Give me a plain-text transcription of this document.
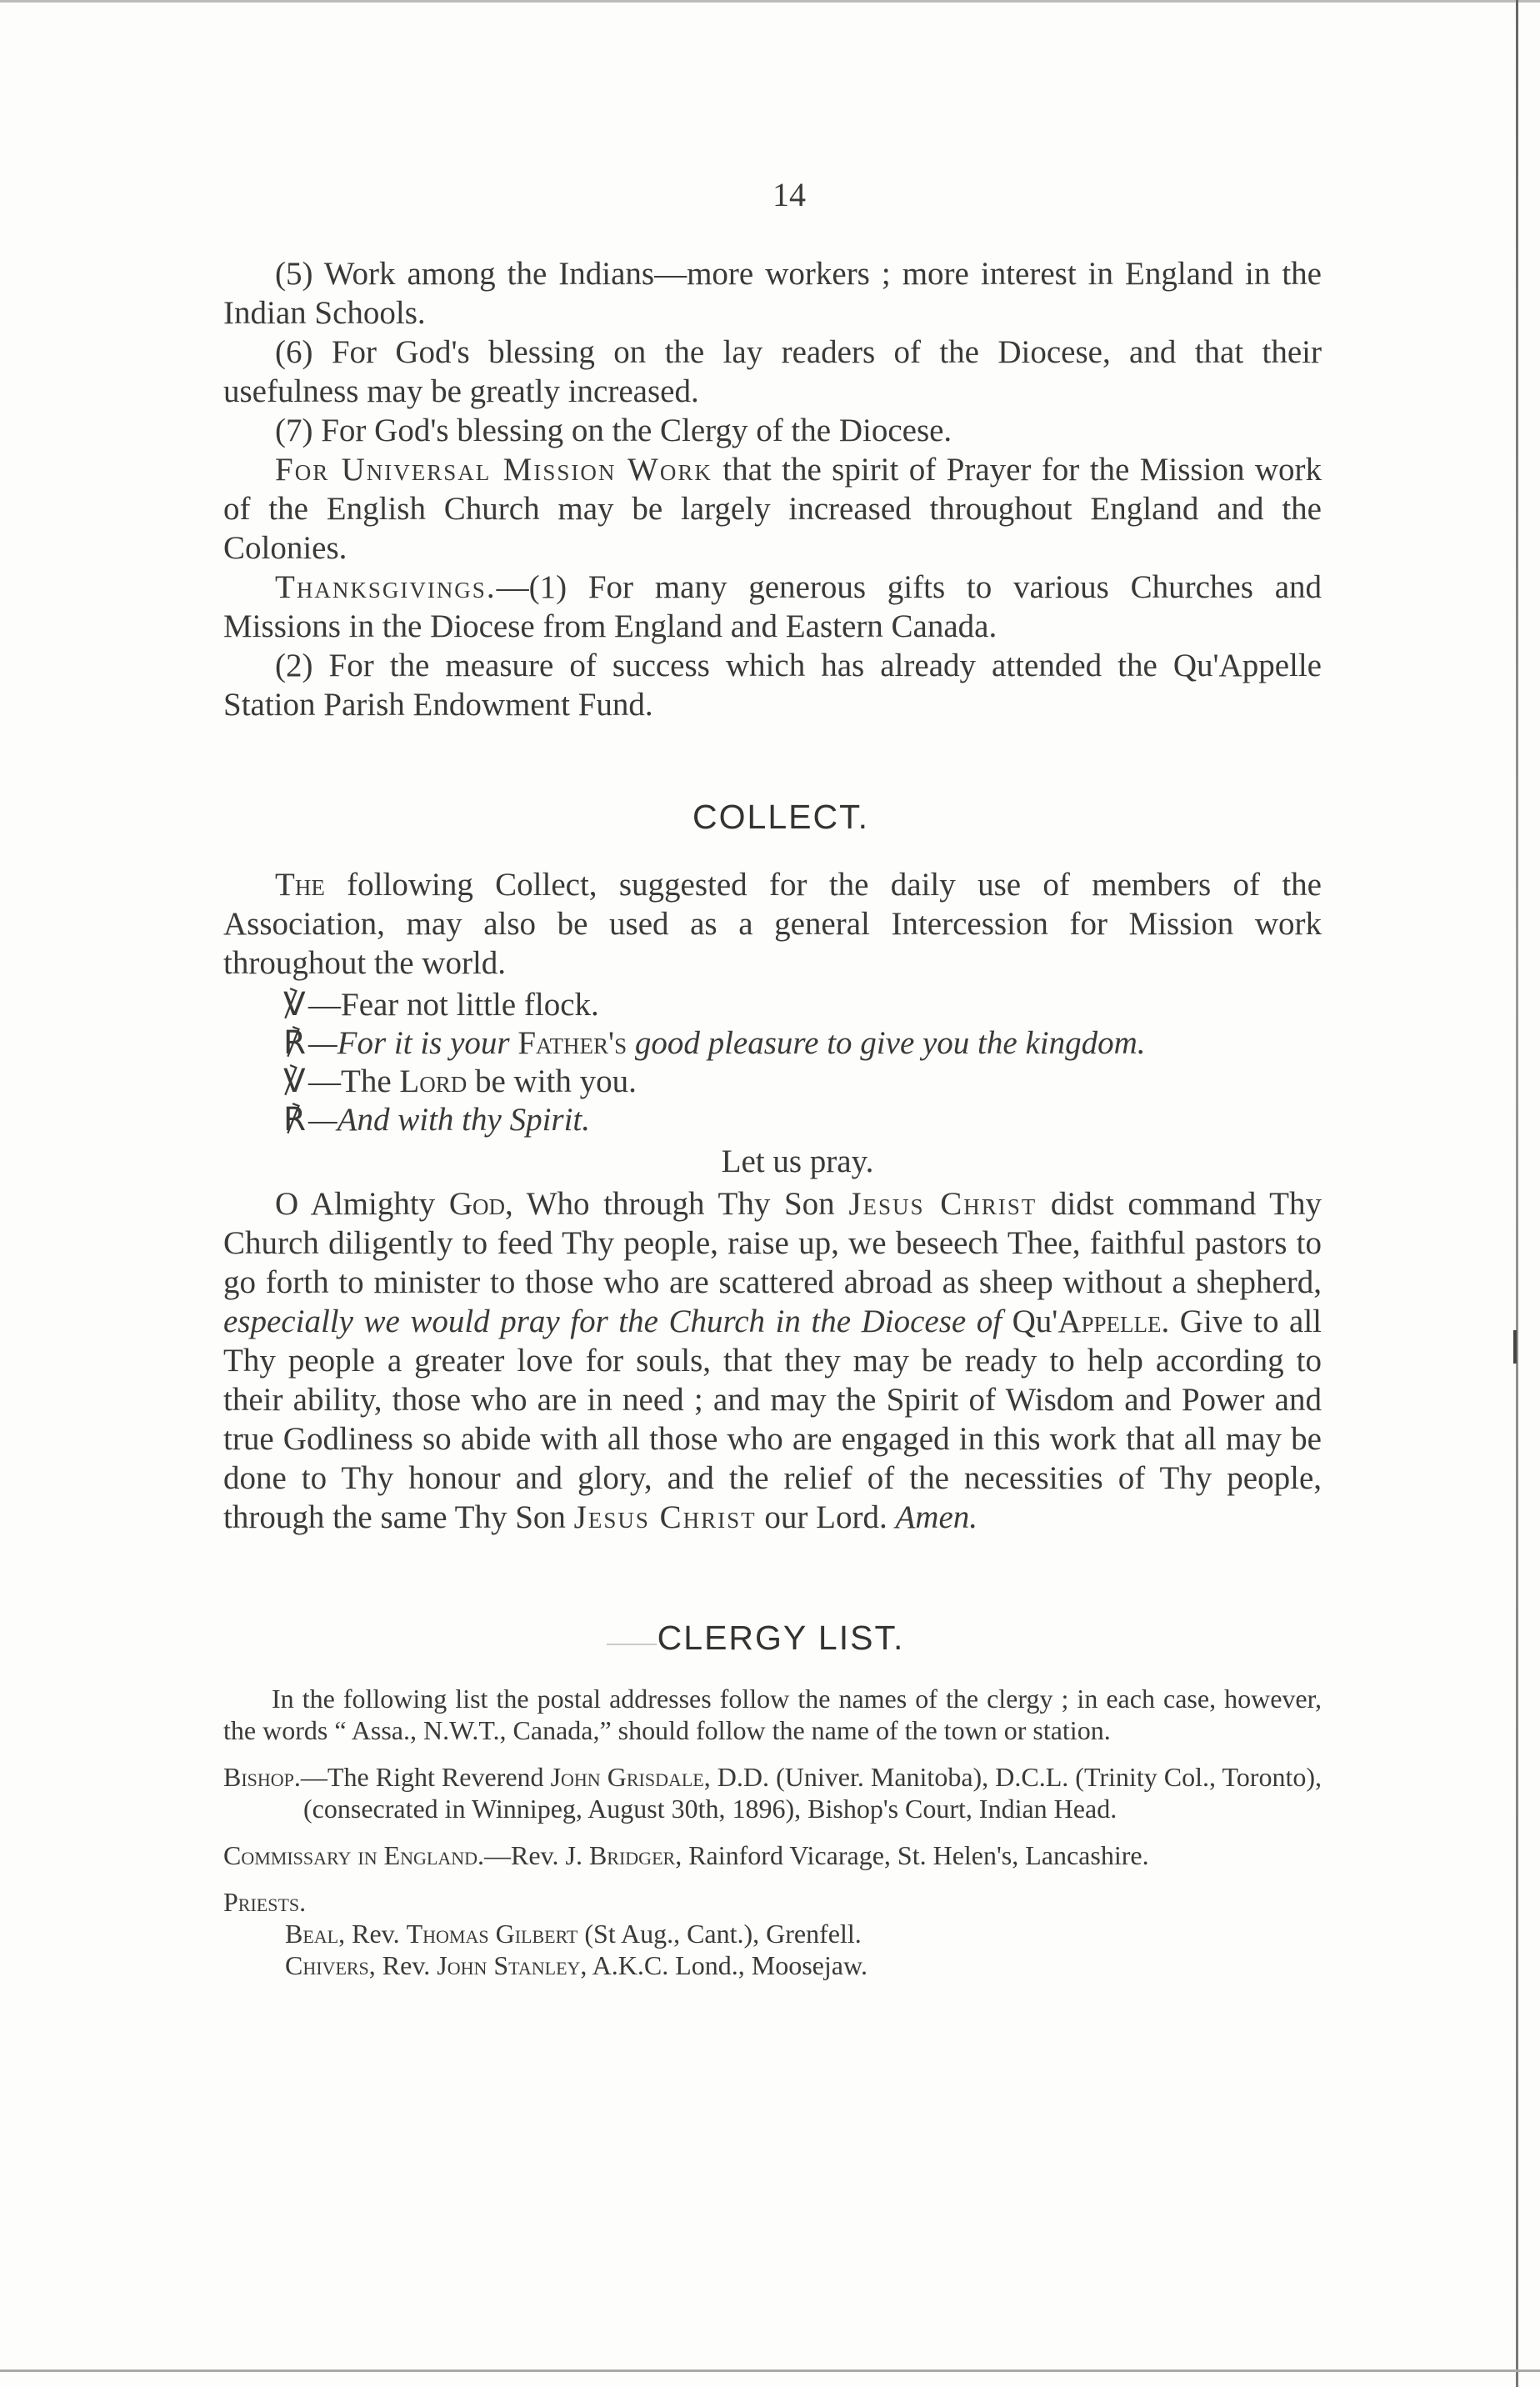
14

(5) Work among the Indians—more workers ; more interest in England in the Indian Schools.

(6) For God's blessing on the lay readers of the Diocese, and that their usefulness may be greatly increased.

(7) For God's blessing on the Clergy of the Diocese.

For Universal Mission Work that the spirit of Prayer for the Mission work of the English Church may be largely increased throughout England and the Colonies.

Thanksgivings.—(1) For many generous gifts to various Churches and Missions in the Diocese from England and Eastern Canada.

(2) For the measure of success which has already attended the Qu'Appelle Station Parish Endowment Fund.

COLLECT.

The following Collect, suggested for the daily use of members of the Association, may also be used as a general Intercession for Mission work throughout the world.

℣—Fear not little flock.
℟—For it is your Father's good pleasure to give you the kingdom.
℣—The Lord be with you.
℟—And with thy Spirit.
Let us pray.

O Almighty God, Who through Thy Son Jesus Christ didst command Thy Church diligently to feed Thy people, raise up, we beseech Thee, faithful pastors to go forth to minister to those who are scattered abroad as sheep without a shepherd, especially we would pray for the Church in the Diocese of Qu'Appelle. Give to all Thy people a greater love for souls, that they may be ready to help according to their ability, those who are in need ; and may the Spirit of Wisdom and Power and true Godliness so abide with all those who are engaged in this work that all may be done to Thy honour and glory, and the relief of the necessities of Thy people, through the same Thy Son Jesus Christ our Lord. Amen.

CLERGY LIST.

In the following list the postal addresses follow the names of the clergy ; in each case, however, the words “ Assa., N.W.T., Canada,” should follow the name of the town or station.

Bishop.—The Right Reverend John Grisdale, D.D. (Univer. Manitoba), D.C.L. (Trinity Col., Toronto), (consecrated in Winnipeg, August 30th, 1896), Bishop's Court, Indian Head.

Commissary in England.—Rev. J. Bridger, Rainford Vicarage, St. Helen's, Lancashire.

Priests.

Beal, Rev. Thomas Gilbert (St Aug., Cant.), Grenfell.

Chivers, Rev. John Stanley, A.K.C. Lond., Moosejaw.
